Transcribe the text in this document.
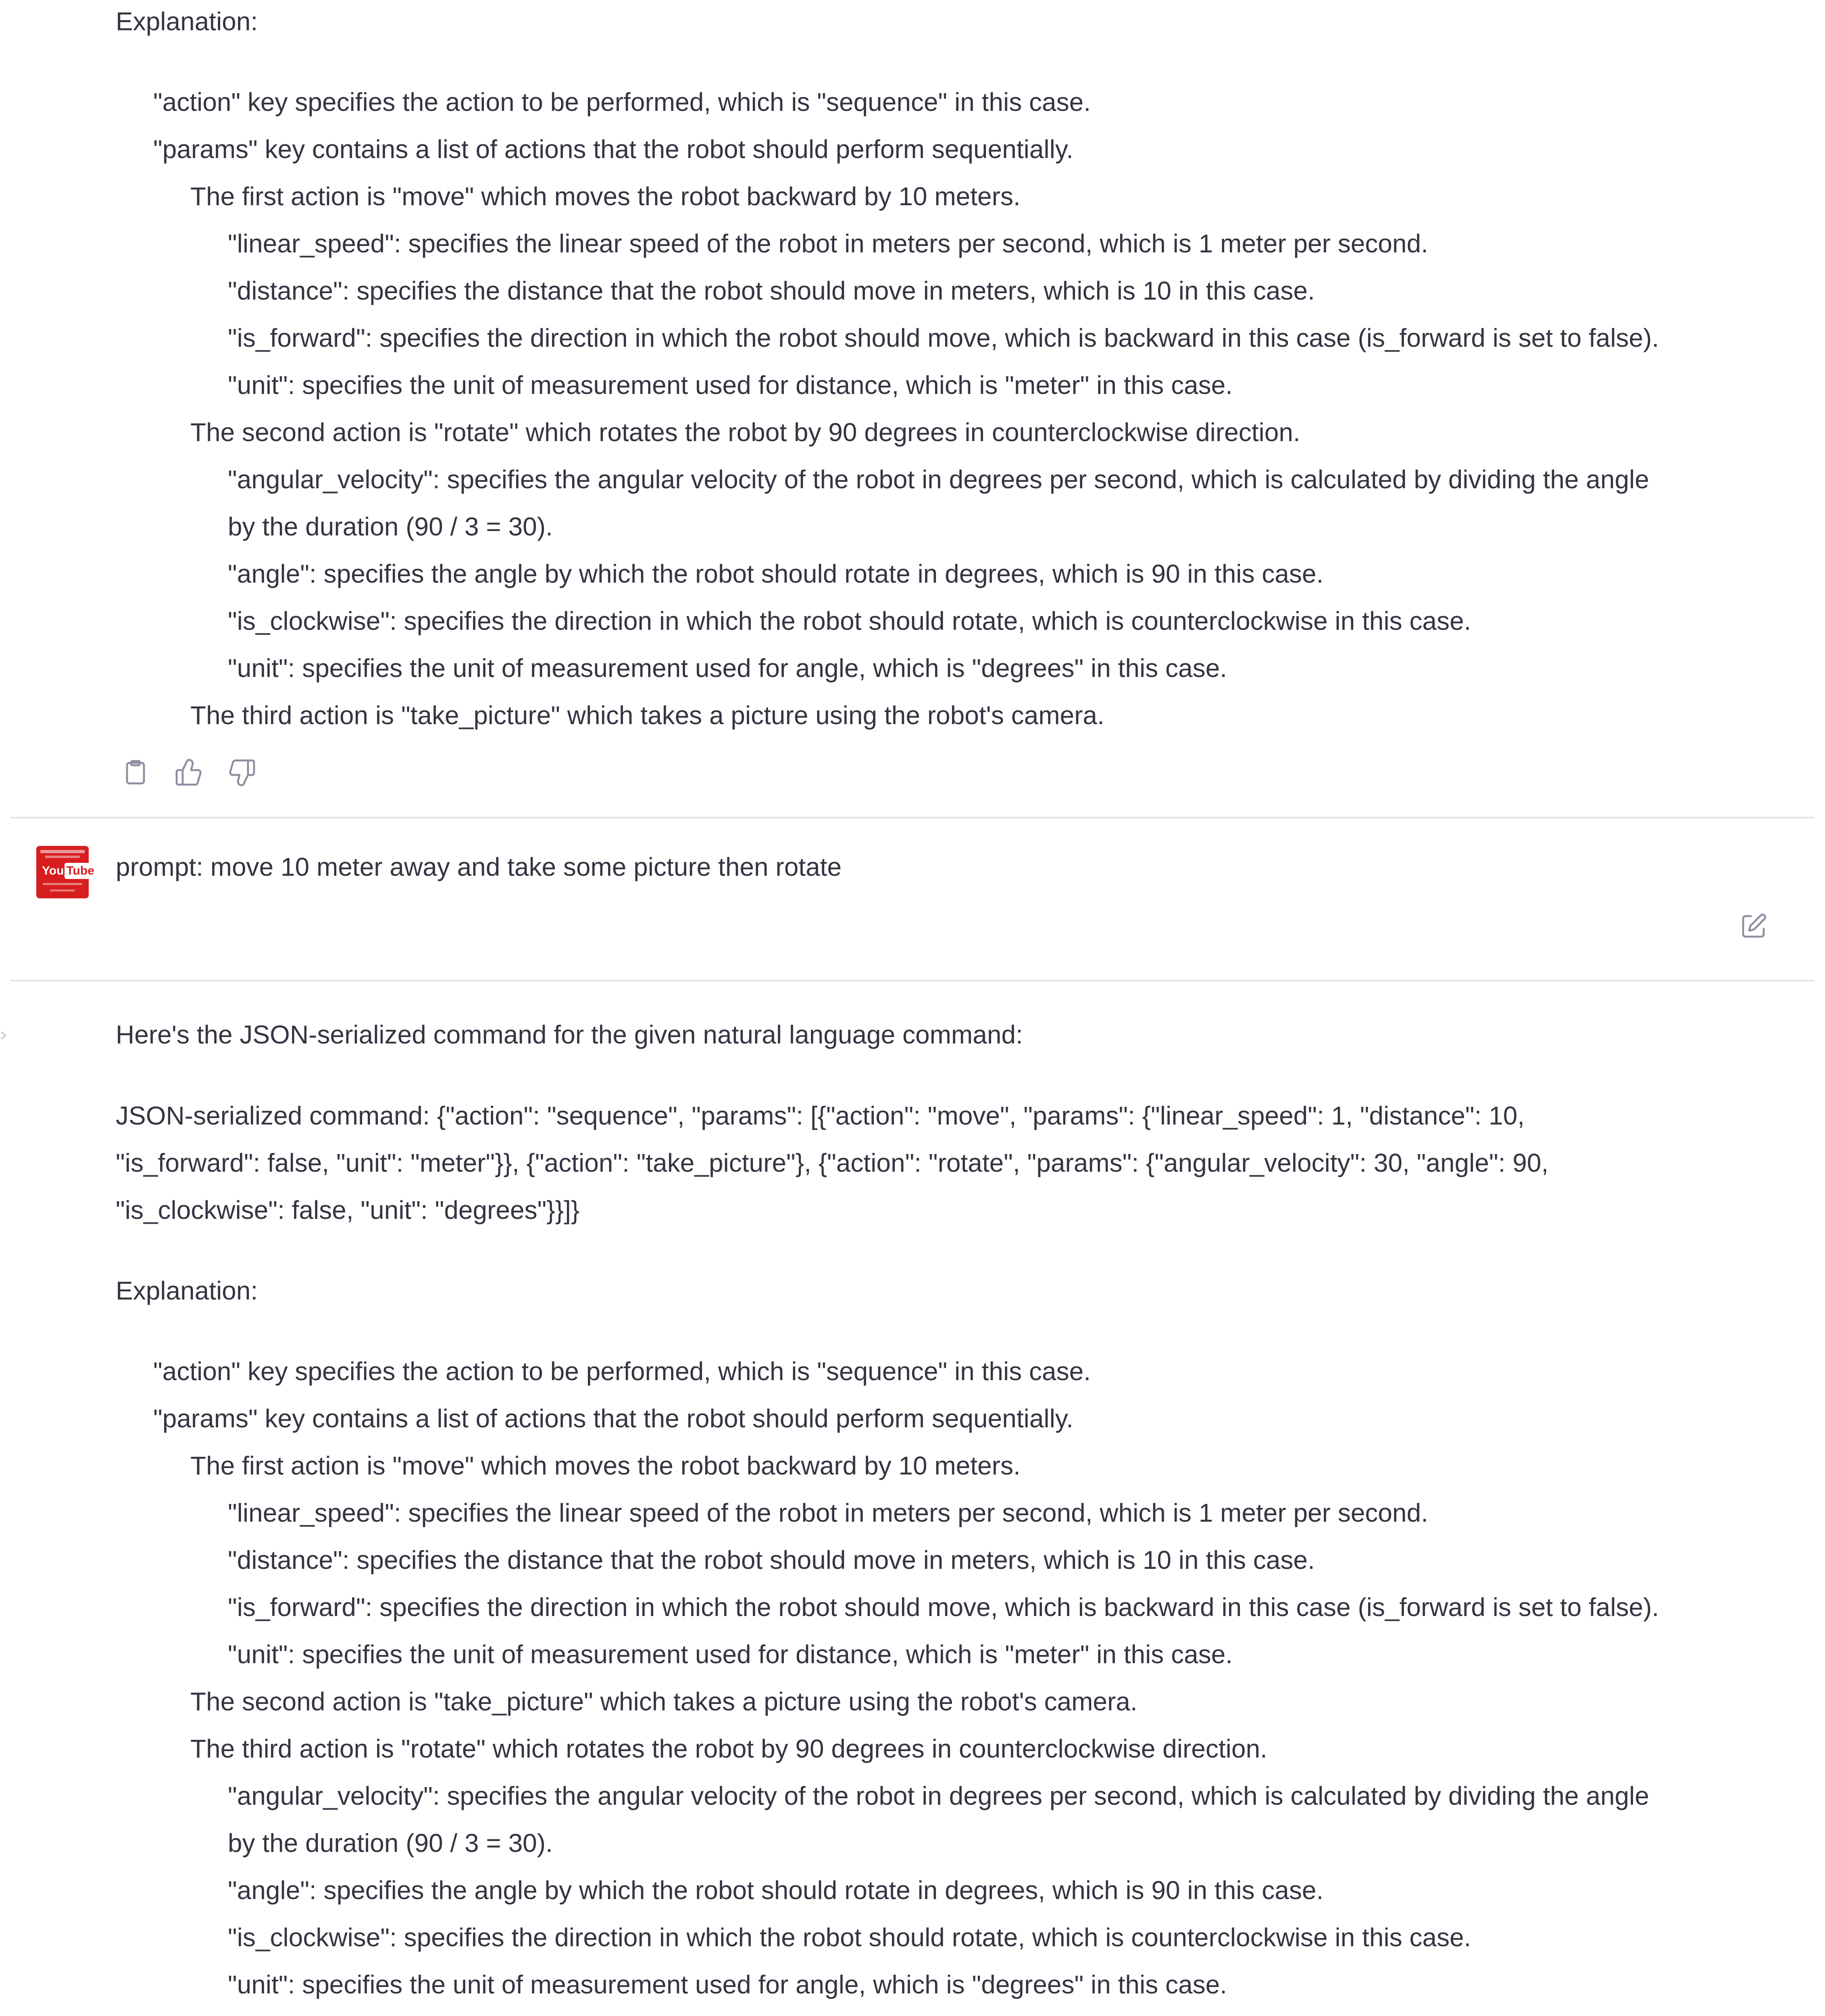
Explanation:
"action" key specifies the action to be performed, which is "sequence" in this case.
"params" key contains a list of actions that the robot should perform sequentially.
The first action is "move" which moves the robot backward by 10 meters.
"linear_speed": specifies the linear speed of the robot in meters per second, which is 1 meter per second.
"distance": specifies the distance that the robot should move in meters, which is 10 in this case.
"is_forward": specifies the direction in which the robot should move, which is backward in this case (is_forward is set to false).
"unit": specifies the unit of measurement used for distance, which is "meter" in this case.
The second action is "rotate" which rotates the robot by 90 degrees in counterclockwise direction.
"angular_velocity": specifies the angular velocity of the robot in degrees per second, which is calculated by dividing the angle
by the duration (90 / 3 = 30).
"angle": specifies the angle by which the robot should rotate in degrees, which is 90 in this case.
"is_clockwise": specifies the direction in which the robot should rotate, which is counterclockwise in this case.
"unit": specifies the unit of measurement used for angle, which is "degrees" in this case.
The third action is "take_picture" which takes a picture using the robot's camera.
You Tube prompt: move 10 meter away and take some picture then rotate
Here's the JSON-serialized command for the given natural language command:
JSON-serialized command: {"action": "sequence", "params": [{"action": "move", "params": {"linear_speed": 1, "distance": 10,
"is_forward": false, "unit": "meter"}}, {"action": "take_picture"}, {"action": "rotate", "params": {"angular_velocity": 30, "angle": 90,
"is_clockwise": false, "unit": "degrees"}}]}
Explanation:
"action" key specifies the action to be performed, which is "sequence" in this case.
"params" key contains a list of actions that the robot should perform sequentially.
The first action is "move" which moves the robot backward by 10 meters.
"linear_speed": specifies the linear speed of the robot in meters per second, which is 1 meter per second.
"distance": specifies the distance that the robot should move in meters, which is 10 in this case.
"is_forward": specifies the direction in which the robot should move, which is backward in this case (is_forward is set to false).
"unit": specifies the unit of measurement used for distance, which is "meter" in this case.
The second action is "take_picture" which takes a picture using the robot's camera.
The third action is "rotate" which rotates the robot by 90 degrees in counterclockwise direction.
"angular_velocity": specifies the angular velocity of the robot in degrees per second, which is calculated by dividing the angle
by the duration (90 / 3 = 30).
"angle": specifies the angle by which the robot should rotate in degrees, which is 90 in this case.
"is_clockwise": specifies the direction in which the robot should rotate, which is counterclockwise in this case.
"unit": specifies the unit of measurement used for angle, which is "degrees" in this case.
